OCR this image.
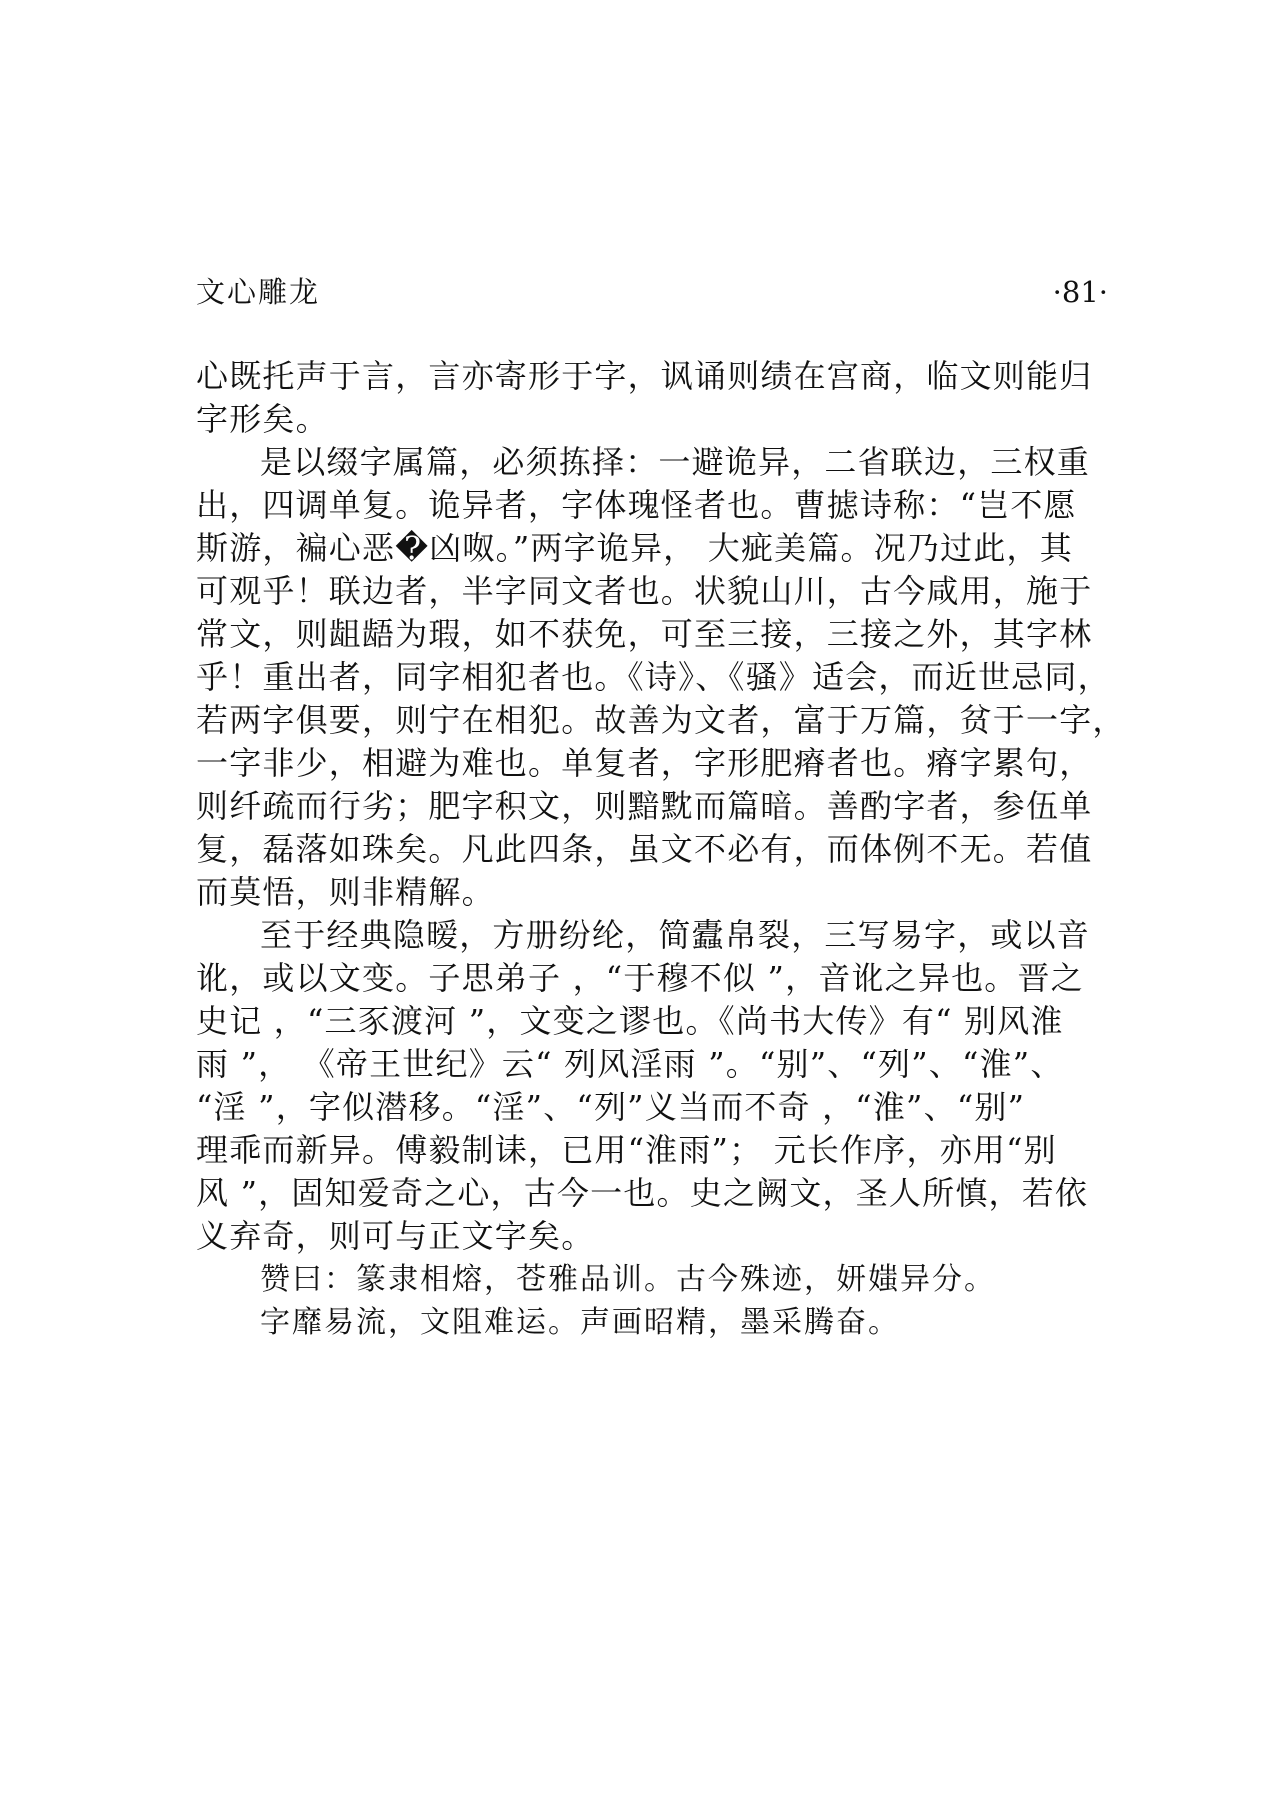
文心雕龙	·81·
心既托声于言，言亦寄形于字，讽诵则绩在宫商，临文则能归
字形矣。
是以缀字属篇，必须拣择：一避诡异，二省联边，三权重
出，四调单复。诡异者，字体瑰怪者也。曹摅诗称：“岂不愿
斯游，褊心恶�凶呶。”两字诡异， 大疵美篇。况乃过此，其
可观乎！联边者，半字同文者也。状貌山川，古今咸用，施于
常文，则龃龉为瑕，如不获免，可至三接，三接之外，其字林
乎！重出者，同字相犯者也。《诗》、《骚》适会，而近世忌同，
若两字俱要，则宁在相犯。故善为文者，富于万篇，贫于一字，
一字非少，相避为难也。单复者，字形肥瘠者也。瘠字累句，
则纤疏而行劣；肥字积文，则黯黕而篇暗。善酌字者，参伍单
复，磊落如珠矣。凡此四条，虽文不必有，而体例不无。若值
而莫悟，则非精解。
至于经典隐暧，方册纷纶，简蠹帛裂，三写易字，或以音
讹，或以文变。子思弟子 ，“于穆不似 ”，音讹之异也。晋之
史记 ，“三豕渡河 ”，文变之谬也。《尚书大传》有“ 别风淮
雨 ”， 《帝王世纪》云“ 列风淫雨 ”。“别”、“列”、“淮”、
“淫 ”，字似潜移。“淫”、“列”义当而不奇 ，“淮”、“别”
理乖而新异。傅毅制诔，已用“淮雨”； 元长作序，亦用“别
风 ”，固知爱奇之心，古今一也。史之阙文，圣人所慎，若依
义弃奇，则可与正文字矣。
赞曰：篆隶相熔，苍雅品训。古今殊迹，妍媸异分。
字靡易流，文阻难运。声画昭精，墨采腾奋。
